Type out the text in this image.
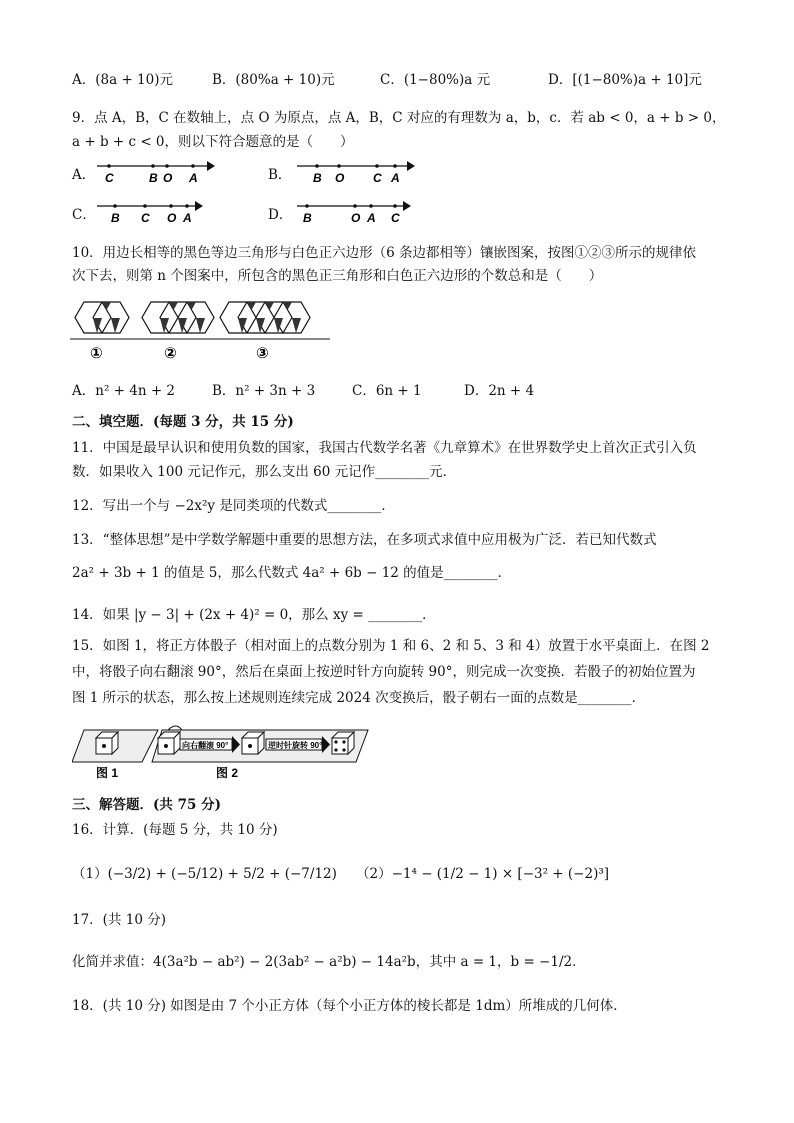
A．(8a + 10)元	B．(80%a + 10)元	C．(1−80%)a 元	D．[(1−80%)a + 10]元
9．点 A，B，C 在数轴上，点 O 为原点，点 A，B，C 对应的有理数为 a，b，c．若 ab < 0，a + b > 0，
a + b + c < 0，则以下符合题意的是（　　）
A． C	B O A	B． B O C A
C． B C O A	D． B	O A C
10．用边长相等的黑色等边三角形与白色正六边形（6 条边都相等）镶嵌图案，按图①②③所示的规律依
次下去，则第 n 个图案中，所包含的黑色正三角形和白色正六边形的个数总和是（　　）
①	②	③
A．n² + 4n + 2	B．n² + 3n + 3	C．6n + 1	D．2n + 4
二、填空题．(每题 3 分，共 15 分)
11．中国是最早认识和使用负数的国家，我国古代数学名著《九章算术》在世界数学史上首次正式引入负
数．如果收入 100 元记作元，那么支出 60 元记作________元．
12．写出一个与 −2x²y 是同类项的代数式________．
13．“整体思想”是中学数学解题中重要的思想方法，在多项式求值中应用极为广泛．若已知代数式
2a² + 3b + 1 的值是 5，那么代数式 4a² + 6b − 12 的值是________．
14．如果 |y − 3| + (2x + 4)² = 0，那么 xy = ________．
15．如图 1，将正方体骰子（相对面上的点数分别为 1 和 6、2 和 5、3 和 4）放置于水平桌面上．在图 2
中，将骰子向右翻滚 90°，然后在桌面上按逆时针方向旋转 90°，则完成一次变换．若骰子的初始位置为
图 1 所示的状态，那么按上述规则连续完成 2024 次变换后，骰子朝右一面的点数是________．
向右翻滚 90°	逆时针旋转 90°
图 1	图 2
三、解答题．(共 75 分)
16．计算．(每题 5 分，共 10 分)
（1）(−3/2) + (−5/12) + 5/2 + (−7/12) （2）−1⁴ − (1/2 − 1) × [−3² + (−2)³]
17．(共 10 分)
化简并求值：4(3a²b − ab²) − 2(3ab² − a²b) − 14a²b，其中 a = 1，b = −1/2．
18．(共 10 分) 如图是由 7 个小正方体（每个小正方体的棱长都是 1dm）所堆成的几何体．
